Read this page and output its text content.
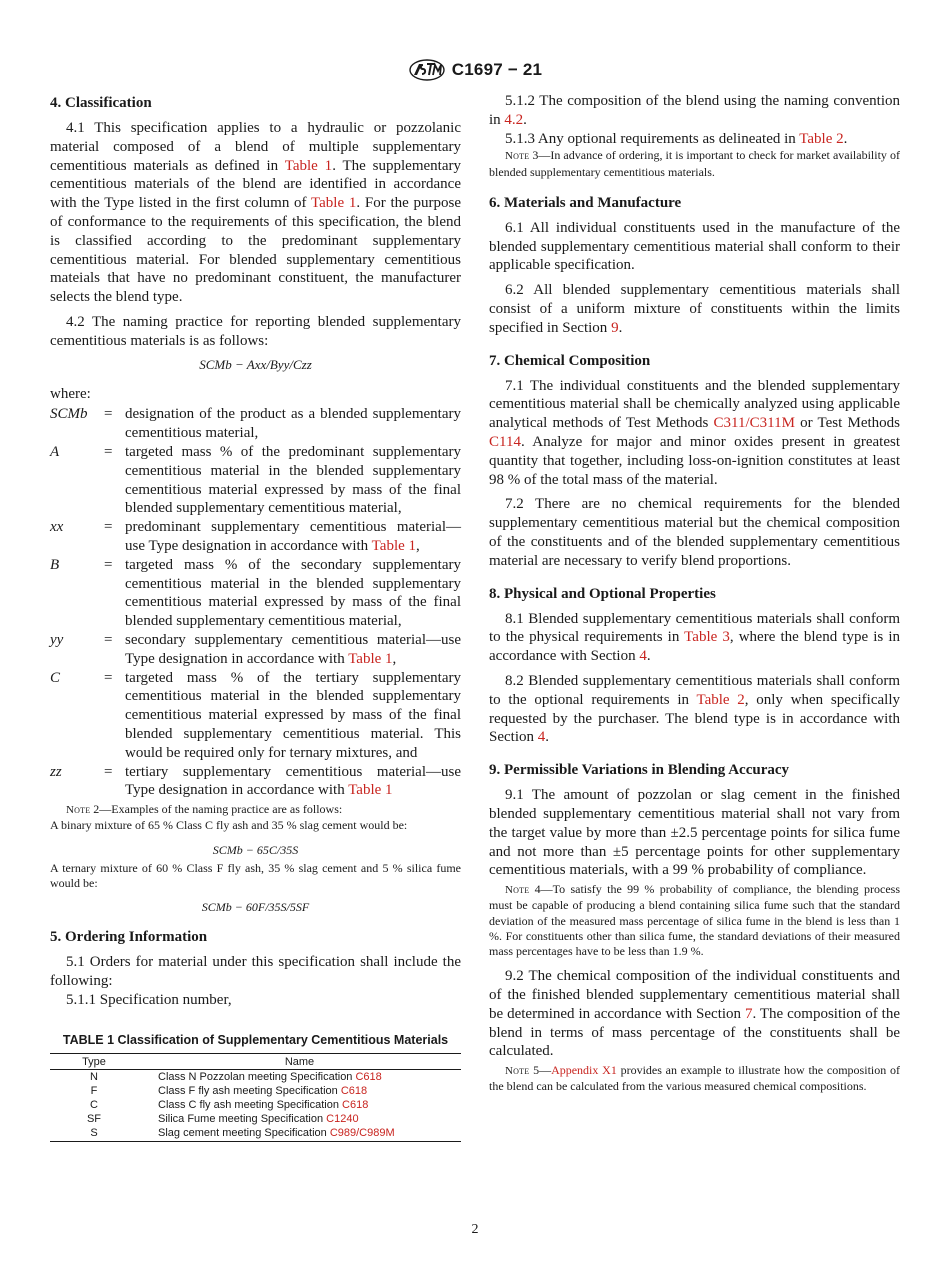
C1697 − 21

4. Classification

4.1 This specification applies to a hydraulic or pozzolanic material composed of a blend of multiple supplementary cementitious materials as defined in Table 1. The supplementary cementitious materials of the blend are identified in accordance with the Type listed in the first column of Table 1. For the purpose of conformance to the requirements of this specification, the blend is classified according to the predominant supplementary cementitious material. For blended supplementary cementitious mateials that have no predominant constituent, the manufacturer selects the blend type.

4.2 The naming practice for reporting blended supplementary cementitious materials is as follows:

SCMb − Axx/Byy/Czz

where:

SCMb	= designation of the product as a blended supplementary cementitious material,
A	= targeted mass % of the predominant supplementary cementitious material in the blended supplementary cementitious material expressed by mass of the final blended supplementary cementitious material,
xx	= predominant supplementary cementitious material—use Type designation in accordance with Table 1,
B	= targeted mass % of the secondary supplementary cementitious material in the blended supplementary cementitious material expressed by mass of the final blended supplementary cementitious material,
yy	= secondary supplementary cementitious material—use Type designation in accordance with Table 1,
C	= targeted mass % of the tertiary supplementary cementitious material in the blended supplementary cementitious material expressed by mass of the final blended supplementary cementitious material. This would be required only for ternary mixtures, and
zz	= tertiary supplementary cementitious material—use Type designation in accordance with Table 1

Note 2—Examples of the naming practice are as follows:

A binary mixture of 65 % Class C fly ash and 35 % slag cement would be:

SCMb − 65C/35S

A ternary mixture of 60 % Class F fly ash, 35 % slag cement and 5 % silica fume would be:

SCMb − 60F/35S/5SF

5. Ordering Information

5.1 Orders for material under this specification shall include the following:

5.1.1 Specification number,

TABLE 1 Classification of Supplementary Cementitious Materials

Type	Name
N	Class N Pozzolan meeting Specification C618
F	Class F fly ash meeting Specification C618
C	Class C fly ash meeting Specification C618
SF	Silica Fume meeting Specification C1240
S	Slag cement meeting Specification C989/C989M

5.1.2 The composition of the blend using the naming convention in 4.2.

5.1.3 Any optional requirements as delineated in Table 2.

Note 3—In advance of ordering, it is important to check for market availability of blended supplementary cementitious materials.

6. Materials and Manufacture

6.1 All individual constituents used in the manufacture of the blended supplementary cementitious material shall conform to their applicable specification.

6.2 All blended supplementary cementitious materials shall consist of a uniform mixture of constituents within the limits specified in Section 9.

7. Chemical Composition

7.1 The individual constituents and the blended supplementary cementitious material shall be chemically analyzed using applicable analytical methods of Test Methods C311/C311M or Test Methods C114. Analyze for major and minor oxides present in greatest quantity that together, including loss-on-ignition constitutes at least 98 % of the total mass of the material.

7.2 There are no chemical requirements for the blended supplementary cementitious material but the chemical composition of the constituents and of the blended supplementary cementitious material are necessary to verify blend proportions.

8. Physical and Optional Properties

8.1 Blended supplementary cementitious materials shall conform to the physical requirements in Table 3, where the blend type is in accordance with Section 4.

8.2 Blended supplementary cementitious materials shall conform to the optional requirements in Table 2, only when specifically requested by the purchaser. The blend type is in accordance with Section 4.

9. Permissible Variations in Blending Accuracy

9.1 The amount of pozzolan or slag cement in the finished blended supplementary cementitious material shall not vary from the target value by more than ±2.5 percentage points for silica fume and not more than ±5 percentage points for other supplementary cementitious materials, with a 99 % probability of compliance.

Note 4—To satisfy the 99 % probability of compliance, the blending process must be capable of producing a blend containing silica fume such that the standard deviation of the measured mass percentage of silica fume in the blend is less than 1 %. For constituents other than silica fume, the standard deviations of their measured mass percentages have to be less than 1.9 %.

9.2 The chemical composition of the individual constituents and of the finished blended supplementary cementitious material shall be determined in accordance with Section 7. The composition of the blend in terms of mass percentage of the constituents shall be calculated.

Note 5—Appendix X1 provides an example to illustrate how the composition of the blend can be calculated from the various measured chemical compositions.

2
